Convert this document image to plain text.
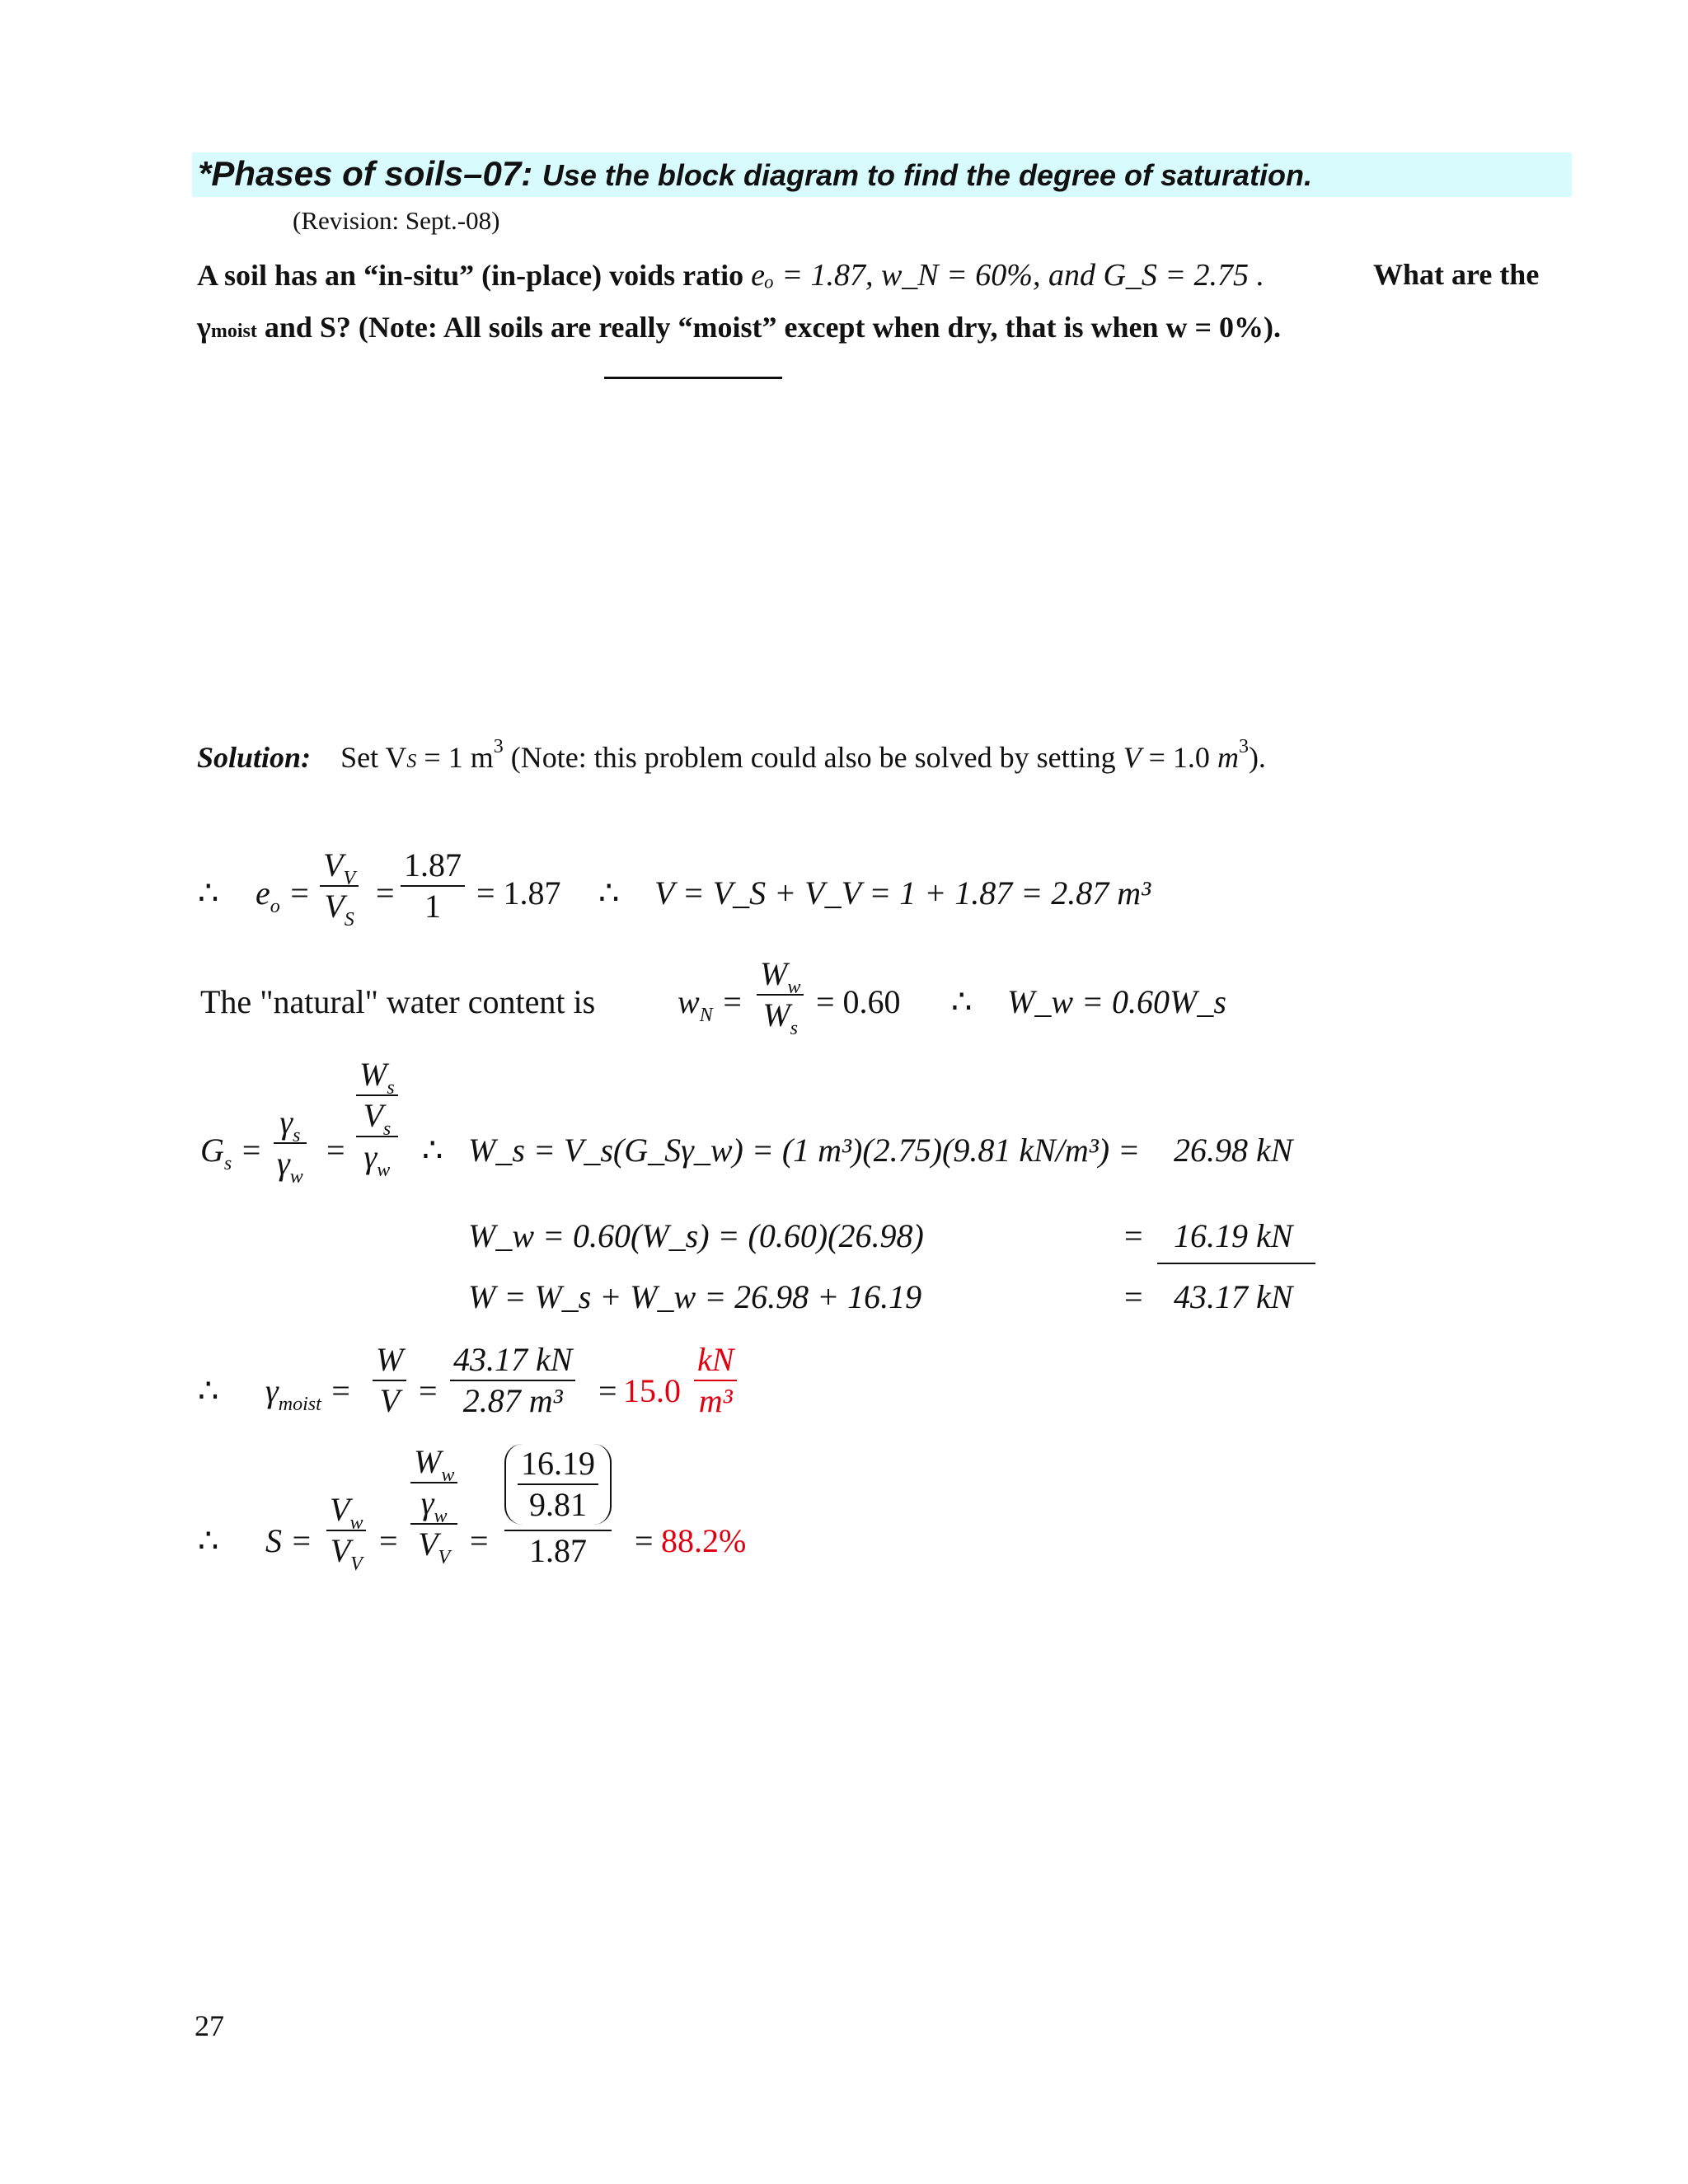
*Phases of soils–07: Use the block diagram to find the degree of saturation.
(Revision: Sept.-08)
A soil has an “in-situ” (in-place) voids ratio eₒ = 1.87, w_N = 60%, and G_S = 2.75 .	What are the
γmoist and S? (Note: All soils are really “moist” except when dry, that is when w = 0%).
Solution: Set VS = 1 $m^3$ (Note: this problem could also be solved by setting V = 1.0 $m^3$).
∴ $e_o$ =
$V_V$
$V_S$
=
1.87
1 = 1.87 ∴ V = V_S + V_V = 1 + 1.87 = 2.87 m³
The "natural" water content is $w_N$ =
$W_w$
$W_s$
= 0.60 ∴ W_w = 0.60W_s
$G_s$ =
$\gamma_s$
$\gamma_w$
=
$W_s$
$V_s$
$\gamma_w$
∴ W_s = V_s(G_Sγ_w) = (1 m³)(2.75)(9.81 kN/m³) = 26.98 kN
W_w = 0.60(W_s) = (0.60)(26.98)	= 16.19 kN
W = W_s + W_w = 26.98 + 16.19	= 43.17 kN
∴ $\gamma_{moist}$ =
W
V =
43.17 kN
2.87 m³ = 15.0
kN
m³
∴ S =
$V_w$
$V_V$
=
$W_w$
$\gamma_w$
$V_V$ =
16.19
9.81
1.87 = 88.2%
27
